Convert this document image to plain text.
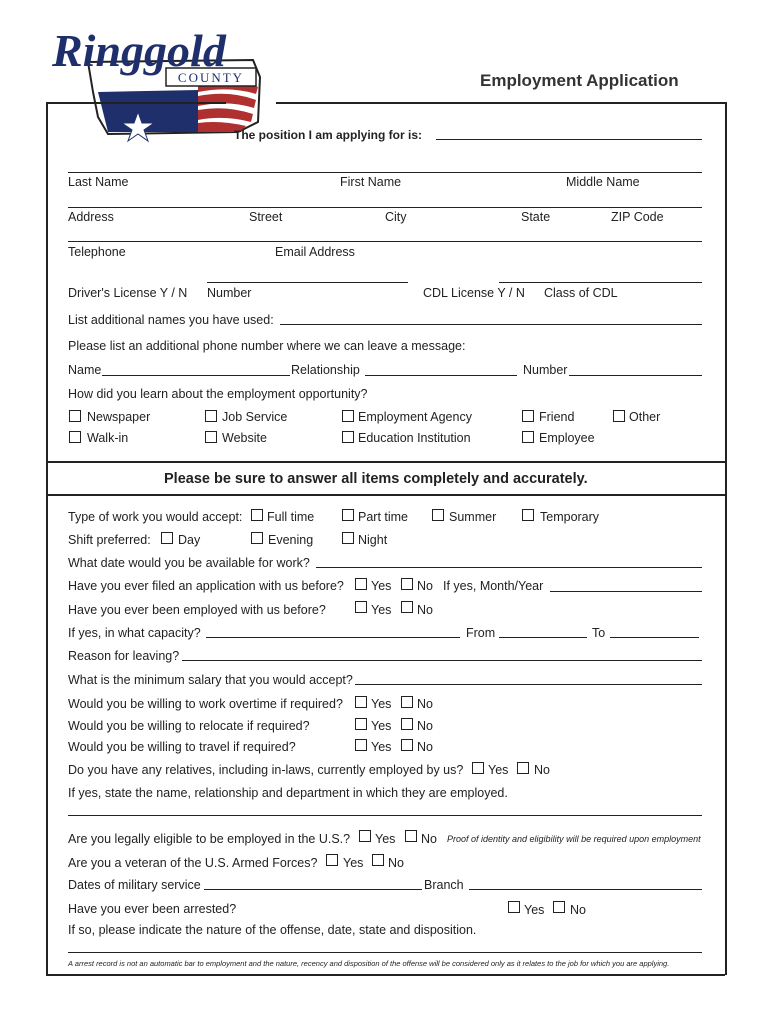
COUNTY
Ringgold
Employment Application
The position I am applying for is:
Last Name	First Name	Middle Name
Address	Street	City	State	ZIP Code
Telephone	Email Address
Driver's License Y / N Number	CDL License Y / N Class of CDL
List additional names you have used:
Please list an additional phone number where we can leave a message:
Name	Relationship	Number
How did you learn about the employment opportunity?
Newspaper	Job Service	Employment Agency	Friend	Other
Walk-in	Website	Education Institution	Employee
Please be sure to answer all items completely and accurately.
Type of work you would accept: Full time	Part time	Summer	Temporary
Shift preferred: Day	Evening	Night
What date would you be available for work?
Have you ever filed an application with us before? Yes No If yes, Month/Year
Have you ever been employed with us before?	Yes No
If yes, in what capacity?	From	To
Reason for leaving?
What is the minimum salary that you would accept?
Would you be willing to work overtime if required? Yes No
Would you be willing to relocate if required?	Yes No
Would you be willing to travel if required?	Yes No
Do you have any relatives, including in-laws, currently employed by us? Yes No
If yes, state the name, relationship and department in which they are employed.
Are you legally eligible to be employed in the U.S.? Yes No Proof of identity and eligibility will be required upon employment
Are you a veteran of the U.S. Armed Forces? Yes No
Dates of military service	Branch
Have you ever been arrested?	Yes No
If so, please indicate the nature of the offense, date, state and disposition.
A arrest record is not an automatic bar to employment and the nature, recency and disposition of the offense will be considered only as it relates to the job for which you are applying.
